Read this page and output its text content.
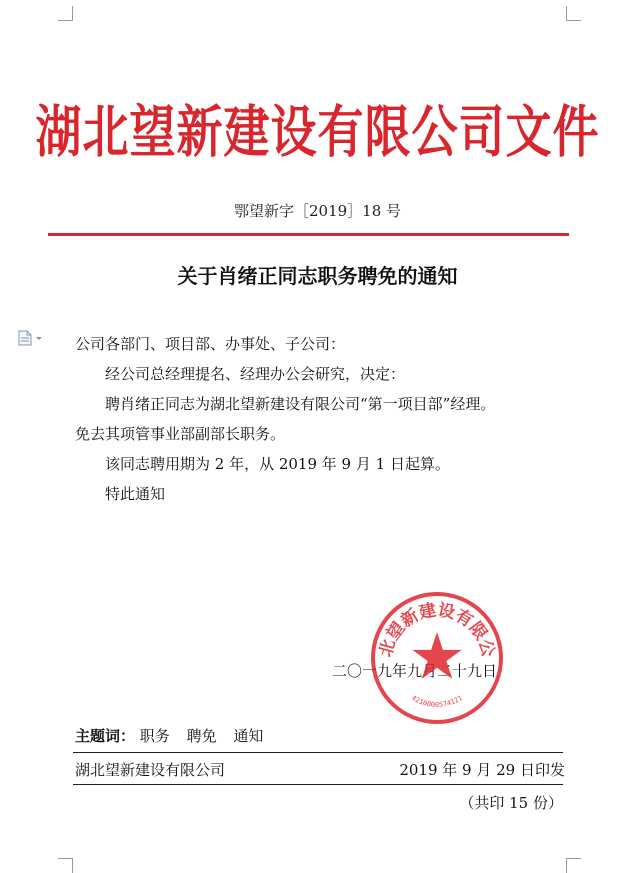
湖北望新建设有限公司文件
鄂望新字［2019］18 号
关于肖绪正同志职务聘免的通知
公司各部门、项目部、办事处、子公司：
经公司总经理提名、经理办公会研究，决定：
聘肖绪正同志为湖北望新建设有限公司“第一项目部”经理。
免去其项管事业部副部长职务。
该同志聘用期为 2 年，从 2019 年 9 月 1 日起算。
特此通知
二〇一九年九月二十九日
北望新建设有限公
4210000574121
主题词： 职务 聘免 通知
湖北望新建设有限公司	2019 年 9 月 29 日印发
（共印 15 份）
